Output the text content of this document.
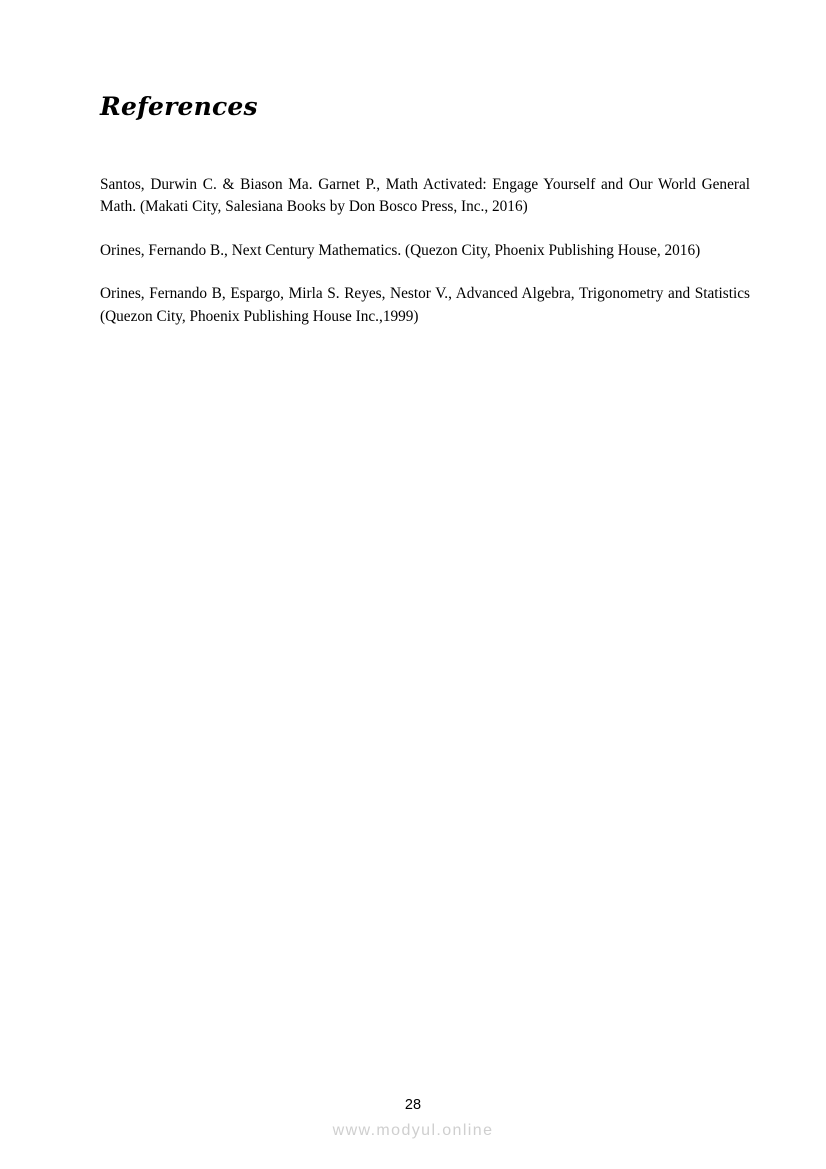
References

Santos, Durwin C. & Biason Ma. Garnet P., Math Activated: Engage Yourself and Our World General Math. (Makati City, Salesiana Books by Don Bosco Press, Inc., 2016)

Orines, Fernando B., Next Century Mathematics. (Quezon City, Phoenix Publishing House, 2016)

Orines, Fernando B, Espargo, Mirla S. Reyes, Nestor V., Advanced Algebra, Trigonometry and Statistics (Quezon City, Phoenix Publishing House Inc.,1999)

28
www.modyul.online
